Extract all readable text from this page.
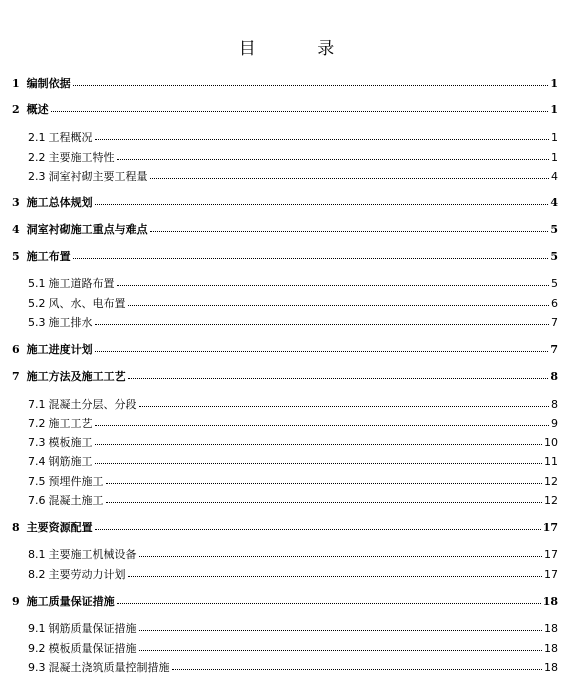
目 录
1 编制依据	1
2 概述	1
2.1 工程概况	1
2.2 主要施工特性	1
2.3 洞室衬砌主要工程量	4
3 施工总体规划	4
4 洞室衬砌施工重点与难点	5
5 施工布置	5
5.1 施工道路布置	5
5.2 风、水、电布置	6
5.3 施工排水	7
6 施工进度计划	7
7 施工方法及施工工艺	8
7.1 混凝土分层、分段	8
7.2 施工工艺	9
7.3 模板施工	10
7.4 钢筋施工	11
7.5 预埋件施工	12
7.6 混凝土施工	12
8 主要资源配置	17
8.1 主要施工机械设备	17
8.2 主要劳动力计划	17
9 施工质量保证措施	18
9.1 钢筋质量保证措施	18
9.2 模板质量保证措施	18
9.3 混凝土浇筑质量控制措施	18
